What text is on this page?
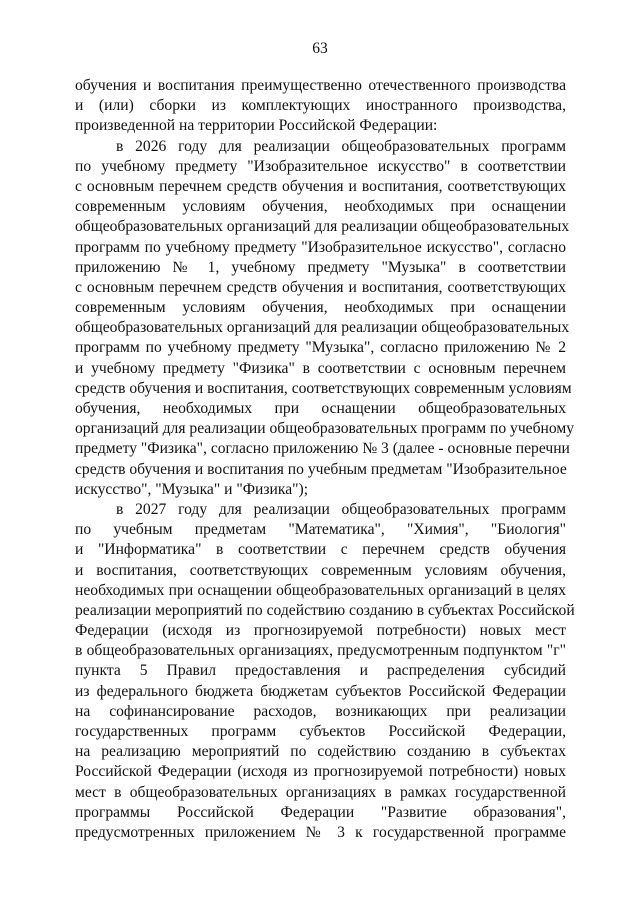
63
обучения и воспитания преимущественно отечественного производства
и (или) сборки из комплектующих иностранного производства,
произведенной на территории Российской Федерации:
в 2026 году для реализации общеобразовательных программ
по учебному предмету "Изобразительное искусство" в соответствии
с основным перечнем средств обучения и воспитания, соответствующих
современным условиям обучения, необходимых при оснащении
общеобразовательных организаций для реализации общеобразовательных
программ по учебному предмету "Изобразительное искусство", согласно
приложению № 1, учебному предмету "Музыка" в соответствии
с основным перечнем средств обучения и воспитания, соответствующих
современным условиям обучения, необходимых при оснащении
общеобразовательных организаций для реализации общеобразовательных
программ по учебному предмету "Музыка", согласно приложению № 2
и учебному предмету "Физика" в соответствии с основным перечнем
средств обучения и воспитания, соответствующих современным условиям
обучения, необходимых при оснащении общеобразовательных
организаций для реализации общеобразовательных программ по учебному
предмету "Физика", согласно приложению № 3 (далее - основные перечни
средств обучения и воспитания по учебным предметам "Изобразительное
искусство", "Музыка" и "Физика");
в 2027 году для реализации общеобразовательных программ
по учебным предметам "Математика", "Химия", "Биология"
и "Информатика" в соответствии с перечнем средств обучения
и воспитания, соответствующих современным условиям обучения,
необходимых при оснащении общеобразовательных организаций в целях
реализации мероприятий по содействию созданию в субъектах Российской
Федерации (исходя из прогнозируемой потребности) новых мест
в общеобразовательных организациях, предусмотренным подпунктом "г"
пункта 5 Правил предоставления и распределения субсидий
из федерального бюджета бюджетам субъектов Российской Федерации
на софинансирование расходов, возникающих при реализации
государственных программ субъектов Российской Федерации,
на реализацию мероприятий по содействию созданию в субъектах
Российской Федерации (исходя из прогнозируемой потребности) новых
мест в общеобразовательных организациях в рамках государственной
программы Российской Федерации "Развитие образования",
предусмотренных приложением № 3 к государственной программе
